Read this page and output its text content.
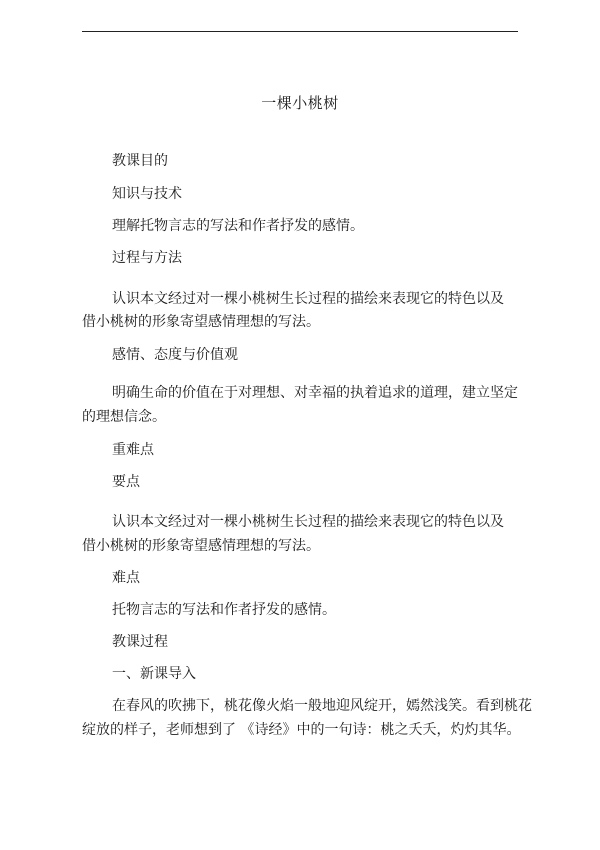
一棵小桃树
教课目的
知识与技术
理解托物言志的写法和作者抒发的感情。
过程与方法
认识本文经过对一棵小桃树生长过程的描绘来表现它的特色以及
借小桃树的形象寄望感情理想的写法。
感情、态度与价值观
明确生命的价值在于对理想、对幸福的执着追求的道理，建立坚定
的理想信念。
重难点
要点
认识本文经过对一棵小桃树生长过程的描绘来表现它的特色以及
借小桃树的形象寄望感情理想的写法。
难点
托物言志的写法和作者抒发的感情。
教课过程
一、新课导入
在春风的吹拂下，桃花像火焰一般地迎风绽开，嫣然浅笑。看到桃花
绽放的样子，老师想到了 《诗经》中的一句诗：桃之夭夭，灼灼其华。
